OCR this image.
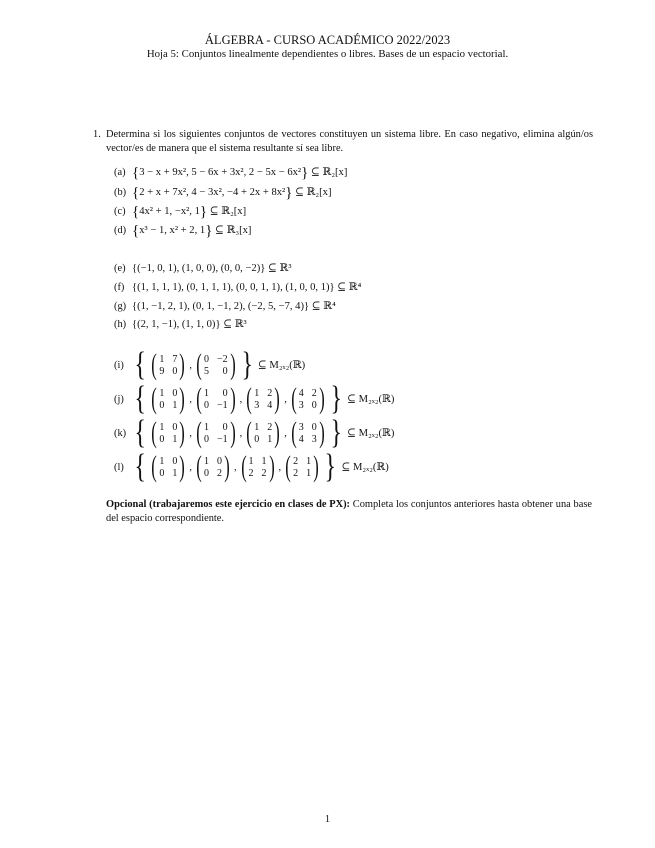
ÁLGEBRA - CURSO ACADÉMICO 2022/2023
Hoja 5: Conjuntos linealmente dependientes o libres. Bases de un espacio vectorial.
1. Determina si los siguientes conjuntos de vectores constituyen un sistema libre. En caso negativo, elimina algún/os vector/es de manera que el sistema resultante sí sea libre.
(a) {3 − x + 9x², 5 − 6x + 3x², 2 − 5x − 6x²} ⊆ ℝ₂[x]
(b) {2 + x + 7x², 4 − 3x², −4 + 2x + 8x²} ⊆ ℝ₂[x]
(c) {4x² + 1, −x², 1} ⊆ ℝ₂[x]
(d) {x³ − 1, x² + 2, 1} ⊆ ℝ₃[x]
(e) {(−1, 0, 1), (1, 0, 0), (0, 0, −2)} ⊆ ℝ³
(f) {(1, 1, 1, 1), (0, 1, 1, 1), (0, 0, 1, 1), (1, 0, 0, 1)} ⊆ ℝ⁴
(g) {(1, −1, 2, 1), (0, 1, −1, 2), (−2, 5, −7, 4)} ⊆ ℝ⁴
(h) {(2, 1, −1), (1, 1, 0)} ⊆ ℝ³
(i) { ( 1 7
9 0 ) , ( 0 −2
5	0 ) } ⊆ M₂ₓ₂(ℝ)
(j) { ( 1 0
0 1 ) , ( 1	0
0 −1 ) , ( 1 2
3 4 ) , ( 4 2
3 0 ) } ⊆ M₂ₓ₂(ℝ)
(k) { ( 1 0
0 1 ) , ( 1	0
0 −1 ) , ( 1 2
0 1 ) , ( 3 0
4 3 ) } ⊆ M₂ₓ₂(ℝ)
(l) { ( 1 0
0 1 ) , ( 1 0
0 2 ) , ( 1 1
2 2 ) , ( 2 1
2 1 ) } ⊆ M₂ₓ₂(ℝ)
Opcional (trabajaremos este ejercicio en clases de PX): Completa los conjuntos anteriores hasta obtener una base del espacio correspondiente.
1
